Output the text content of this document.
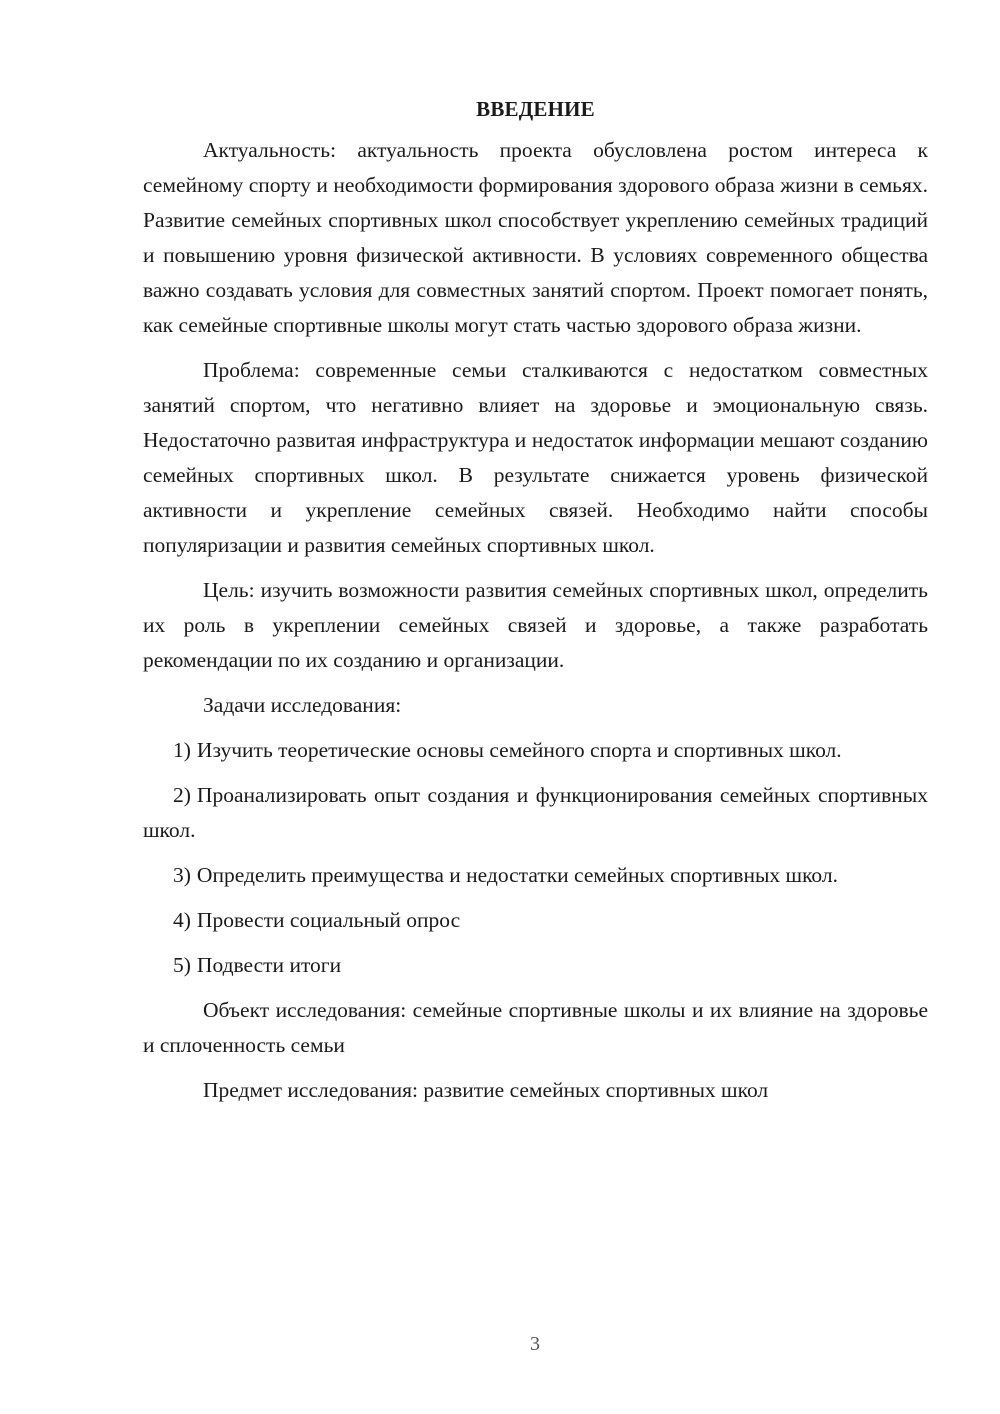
ВВЕДЕНИЕ

Актуальность: актуальность проекта обусловлена ростом интереса к семейному спорту и необходимости формирования здорового образа жизни в семьях. Развитие семейных спортивных школ способствует укреплению семейных традиций и повышению уровня физической активности. В условиях современного общества важно создавать условия для совместных занятий спортом. Проект помогает понять, как семейные спортивные школы могут стать частью здорового образа жизни.

Проблема: современные семьи сталкиваются с недостатком совместных занятий спортом, что негативно влияет на здоровье и эмоциональную связь. Недостаточно развитая инфраструктура и недостаток информации мешают созданию семейных спортивных школ. В результате снижается уровень физической активности и укрепление семейных связей. Необходимо найти способы популяризации и развития семейных спортивных школ.

Цель: изучить возможности развития семейных спортивных школ, определить их роль в укреплении семейных связей и здоровье, а также разработать рекомендации по их созданию и организации.

Задачи исследования:

1) Изучить теоретические основы семейного спорта и спортивных школ.

2) Проанализировать опыт создания и функционирования семейных спортивных школ.

3) Определить преимущества и недостатки семейных спортивных школ.

4) Провести социальный опрос

5) Подвести итоги

Объект исследования: семейные спортивные школы и их влияние на здоровье и сплоченность семьи

Предмет исследования: развитие семейных спортивных школ

3
